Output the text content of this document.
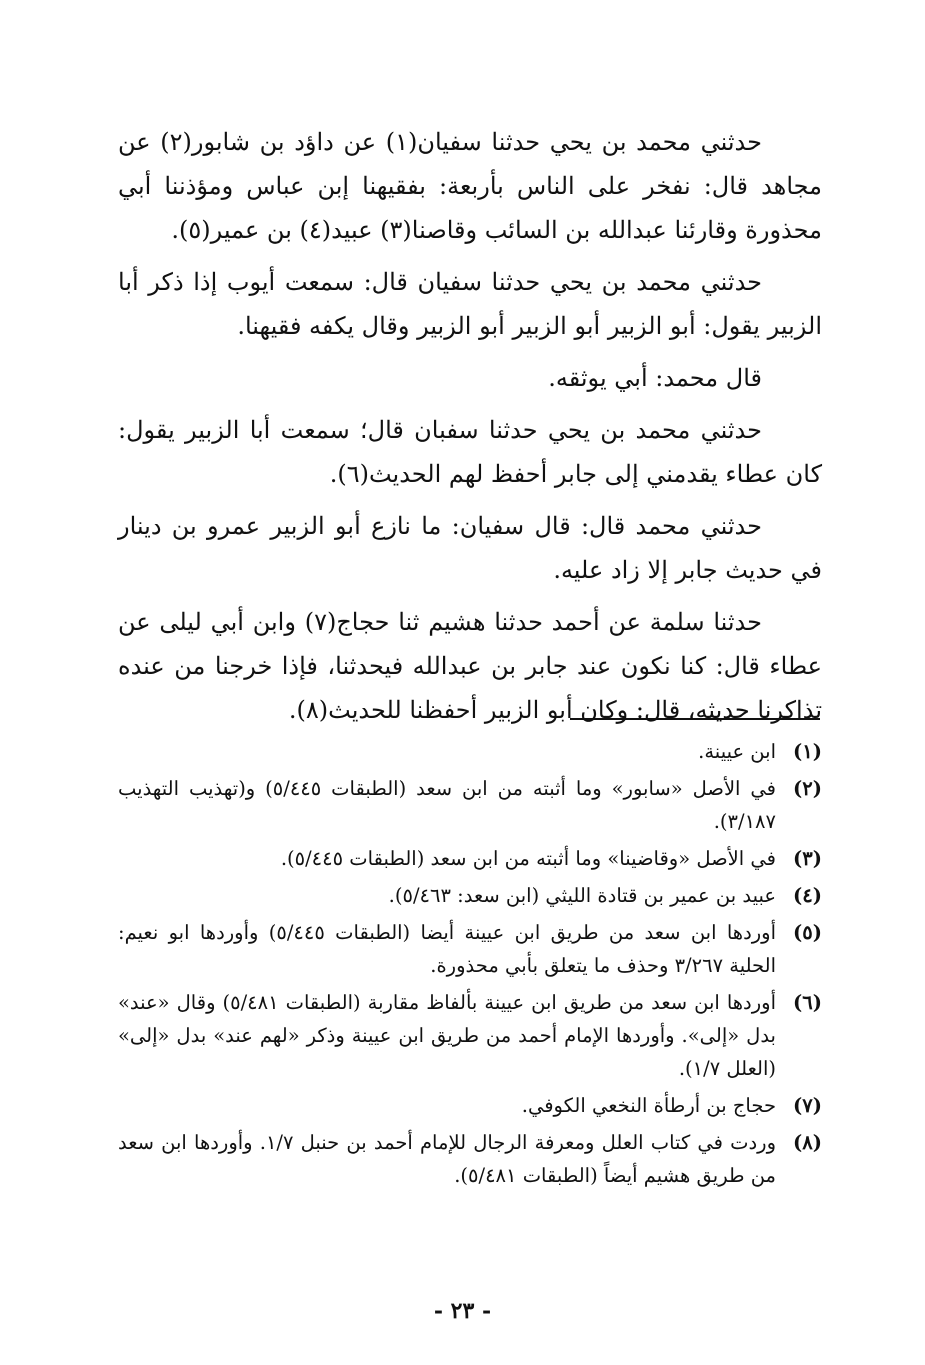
حدثني محمد بن يحي حدثنا سفيان(١) عن داؤد بن شابور(٢) عن مجاهد قال: نفخر على الناس بأربعة: بفقيهنا إبن عباس ومؤذننا أبي محذورة وقارئنا عبدالله بن السائب وقاصنا(٣) عبيد(٤) بن عمير(٥).

حدثني محمد بن يحي حدثنا سفيان قال: سمعت أيوب إذا ذكر أبا الزبير يقول: أبو الزبير أبو الزبير أبو الزبير وقال يكفه فقيهنا.

قال محمد: أبي يوثقه.

حدثني محمد بن يحي حدثنا سفبان قال؛ سمعت أبا الزبير يقول: كان عطاء يقدمني إلى جابر أحفظ لهم الحديث(٦).

حدثني محمد قال: قال سفيان: ما نازع أبو الزبير عمرو بن دينار في حديث جابر إلا زاد عليه.

حدثنا سلمة عن أحمد حدثنا هشيم ثنا حجاج(٧) وابن أبي ليلى عن عطاء قال: كنا نكون عند جابر بن عبدالله فيحدثنا، فإذا خرجنا من عنده تذاكرنا حديثه، قال: وكان أبو الزبير أحفظنا للحديث(٨).

(١)
ابن عيينة.
(٢)
في الأصل «سابور» وما أثبته من ابن سعد (الطبقات ٥/٤٤٥) و(تهذيب التهذيب ٣/١٨٧).
(٣)
في الأصل «وقاضينا» وما أثبته من ابن سعد (الطبقات ٥/٤٤٥).
(٤)
عبيد بن عمير بن قتادة الليثي (ابن سعد: ٥/٤٦٣).
(٥)
أوردها ابن سعد من طريق ابن عيينة أيضا (الطبقات ٥/٤٤٥) وأوردها ابو نعيم: الحلية ٣/٢٦٧ وحذف ما يتعلق بأبي محذورة.
(٦)
أوردها ابن سعد من طريق ابن عيينة بألفاظ مقاربة (الطبقات ٥/٤٨١) وقال «عند» بدل «إلى». وأوردها الإمام أحمد من طريق ابن عيينة وذكر «لهم عند» بدل «إلى» (العلل ١/٧).
(٧)
حجاج بن أرطأة النخعي الكوفي.
(٨)
وردت في كتاب العلل ومعرفة الرجال للإمام أحمد بن حنبل ١/٧. وأوردها ابن سعد من طريق هشيم أيضاً (الطبقات ٥/٤٨١).
- ٢٣ -
